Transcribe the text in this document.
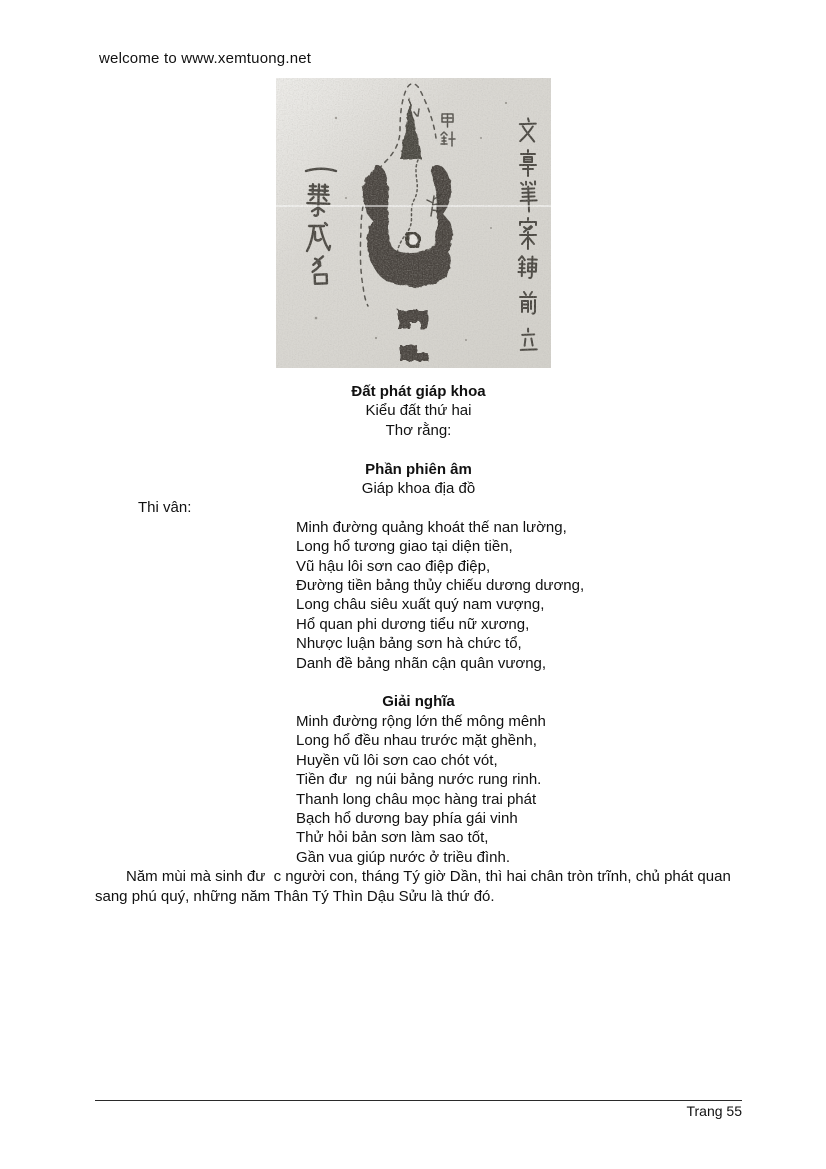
welcome to www.xemtuong.net
Đất phát giáp khoa
Kiểu đất thứ hai
Thơ rằng:
Phần phiên âm
Giáp khoa địa đồ
Thi vân:
Minh đường quảng khoát thế nan lường,
Long hổ tương giao tại diện tiền,
Vũ hậu lôi sơn cao điệp điệp,
Đường tiền bảng thủy chiếu dương dương,
Long châu siêu xuất quý nam vượng,
Hổ quan phi dương tiểu nữ xương,
Nhược luận bảng sơn hà chức tổ,
Danh đề bảng nhãn cận quân vương,
Giải nghĩa
Minh đường rộng lớn thế mông mênh
Long hổ đều nhau trước mặt ghềnh,
Huyền vũ lôi sơn cao chót vót,
Tiền đư  ng núi bảng nước rung rinh.
Thanh long châu mọc hàng trai phát
Bạch hổ dương bay phía gái vinh
Thử hỏi bản sơn làm sao tốt,
Gần vua giúp nước ở triều đình.

Năm mùi mà sinh đư  c người con, tháng Tý giờ Dần, thì hai chân tròn trĩnh, chủ phát quan sang phú quý, những năm Thân Tý Thìn Dậu Sửu là thứ đó.

Trang 55
